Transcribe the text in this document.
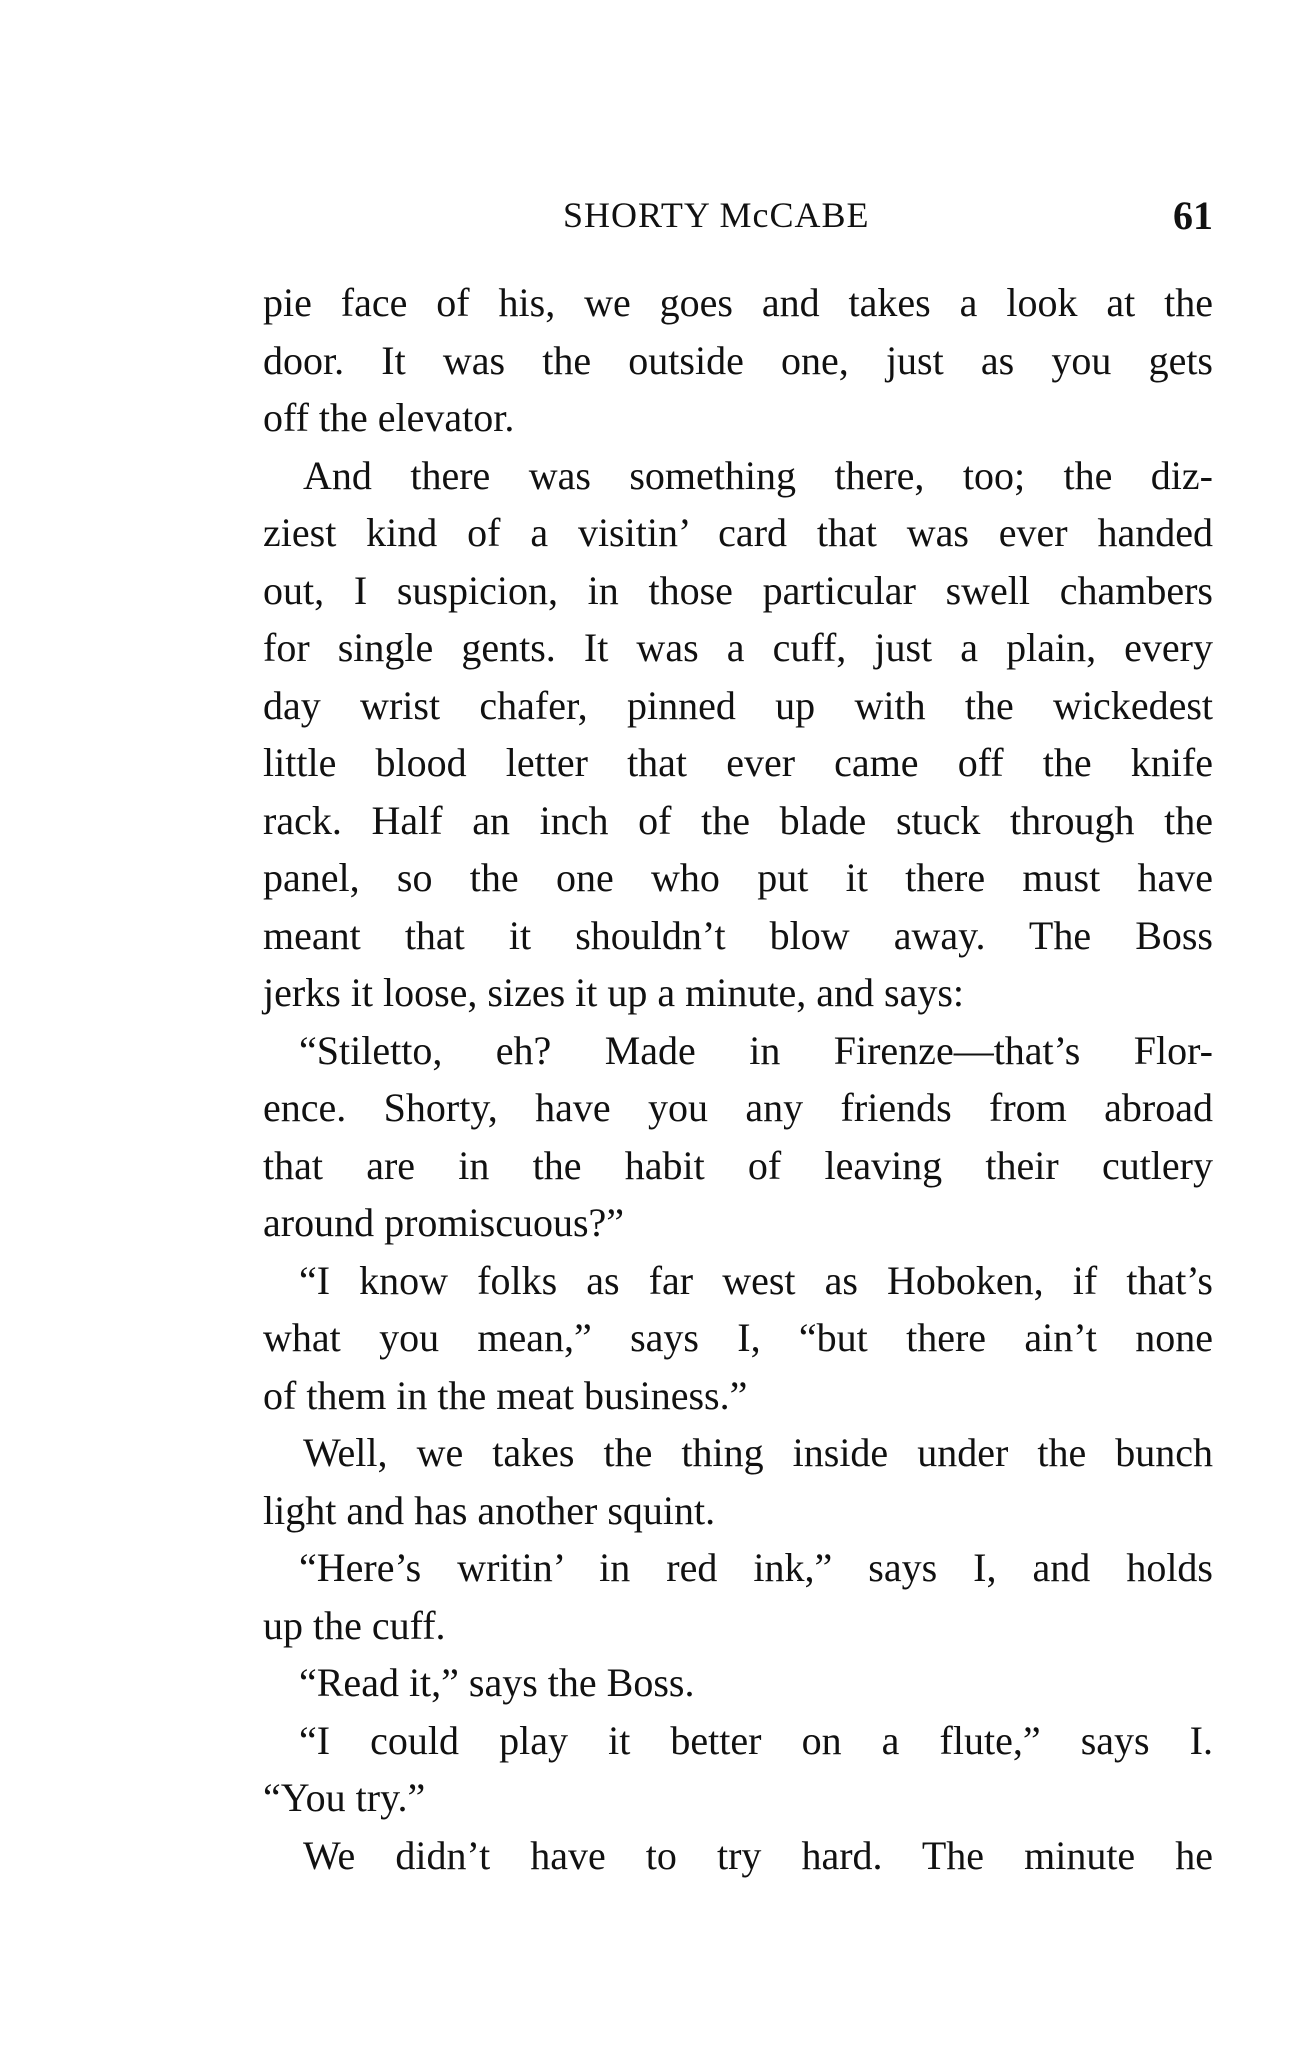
SHORTY McCABE	61
pie face of his, we goes and takes a look at the
door. It was the outside one, just as you gets
off the elevator.
And there was something there, too; the diz-
ziest kind of a visitin’ card that was ever handed
out, I suspicion, in those particular swell chambers
for single gents. It was a cuff, just a plain, every
day wrist chafer, pinned up with the wickedest
little blood letter that ever came off the knife
rack. Half an inch of the blade stuck through the
panel, so the one who put it there must have
meant that it shouldn’t blow away. The Boss
jerks it loose, sizes it up a minute, and says:
“Stiletto, eh? Made in Firenze—that’s Flor-
ence. Shorty, have you any friends from abroad
that are in the habit of leaving their cutlery
around promiscuous?”
“I know folks as far west as Hoboken, if that’s
what you mean,” says I, “but there ain’t none
of them in the meat business.”
Well, we takes the thing inside under the bunch
light and has another squint.
“Here’s writin’ in red ink,” says I, and holds
up the cuff.
“Read it,” says the Boss.
“I could play it better on a flute,” says I.
“You try.”
We didn’t have to try hard. The minute he
